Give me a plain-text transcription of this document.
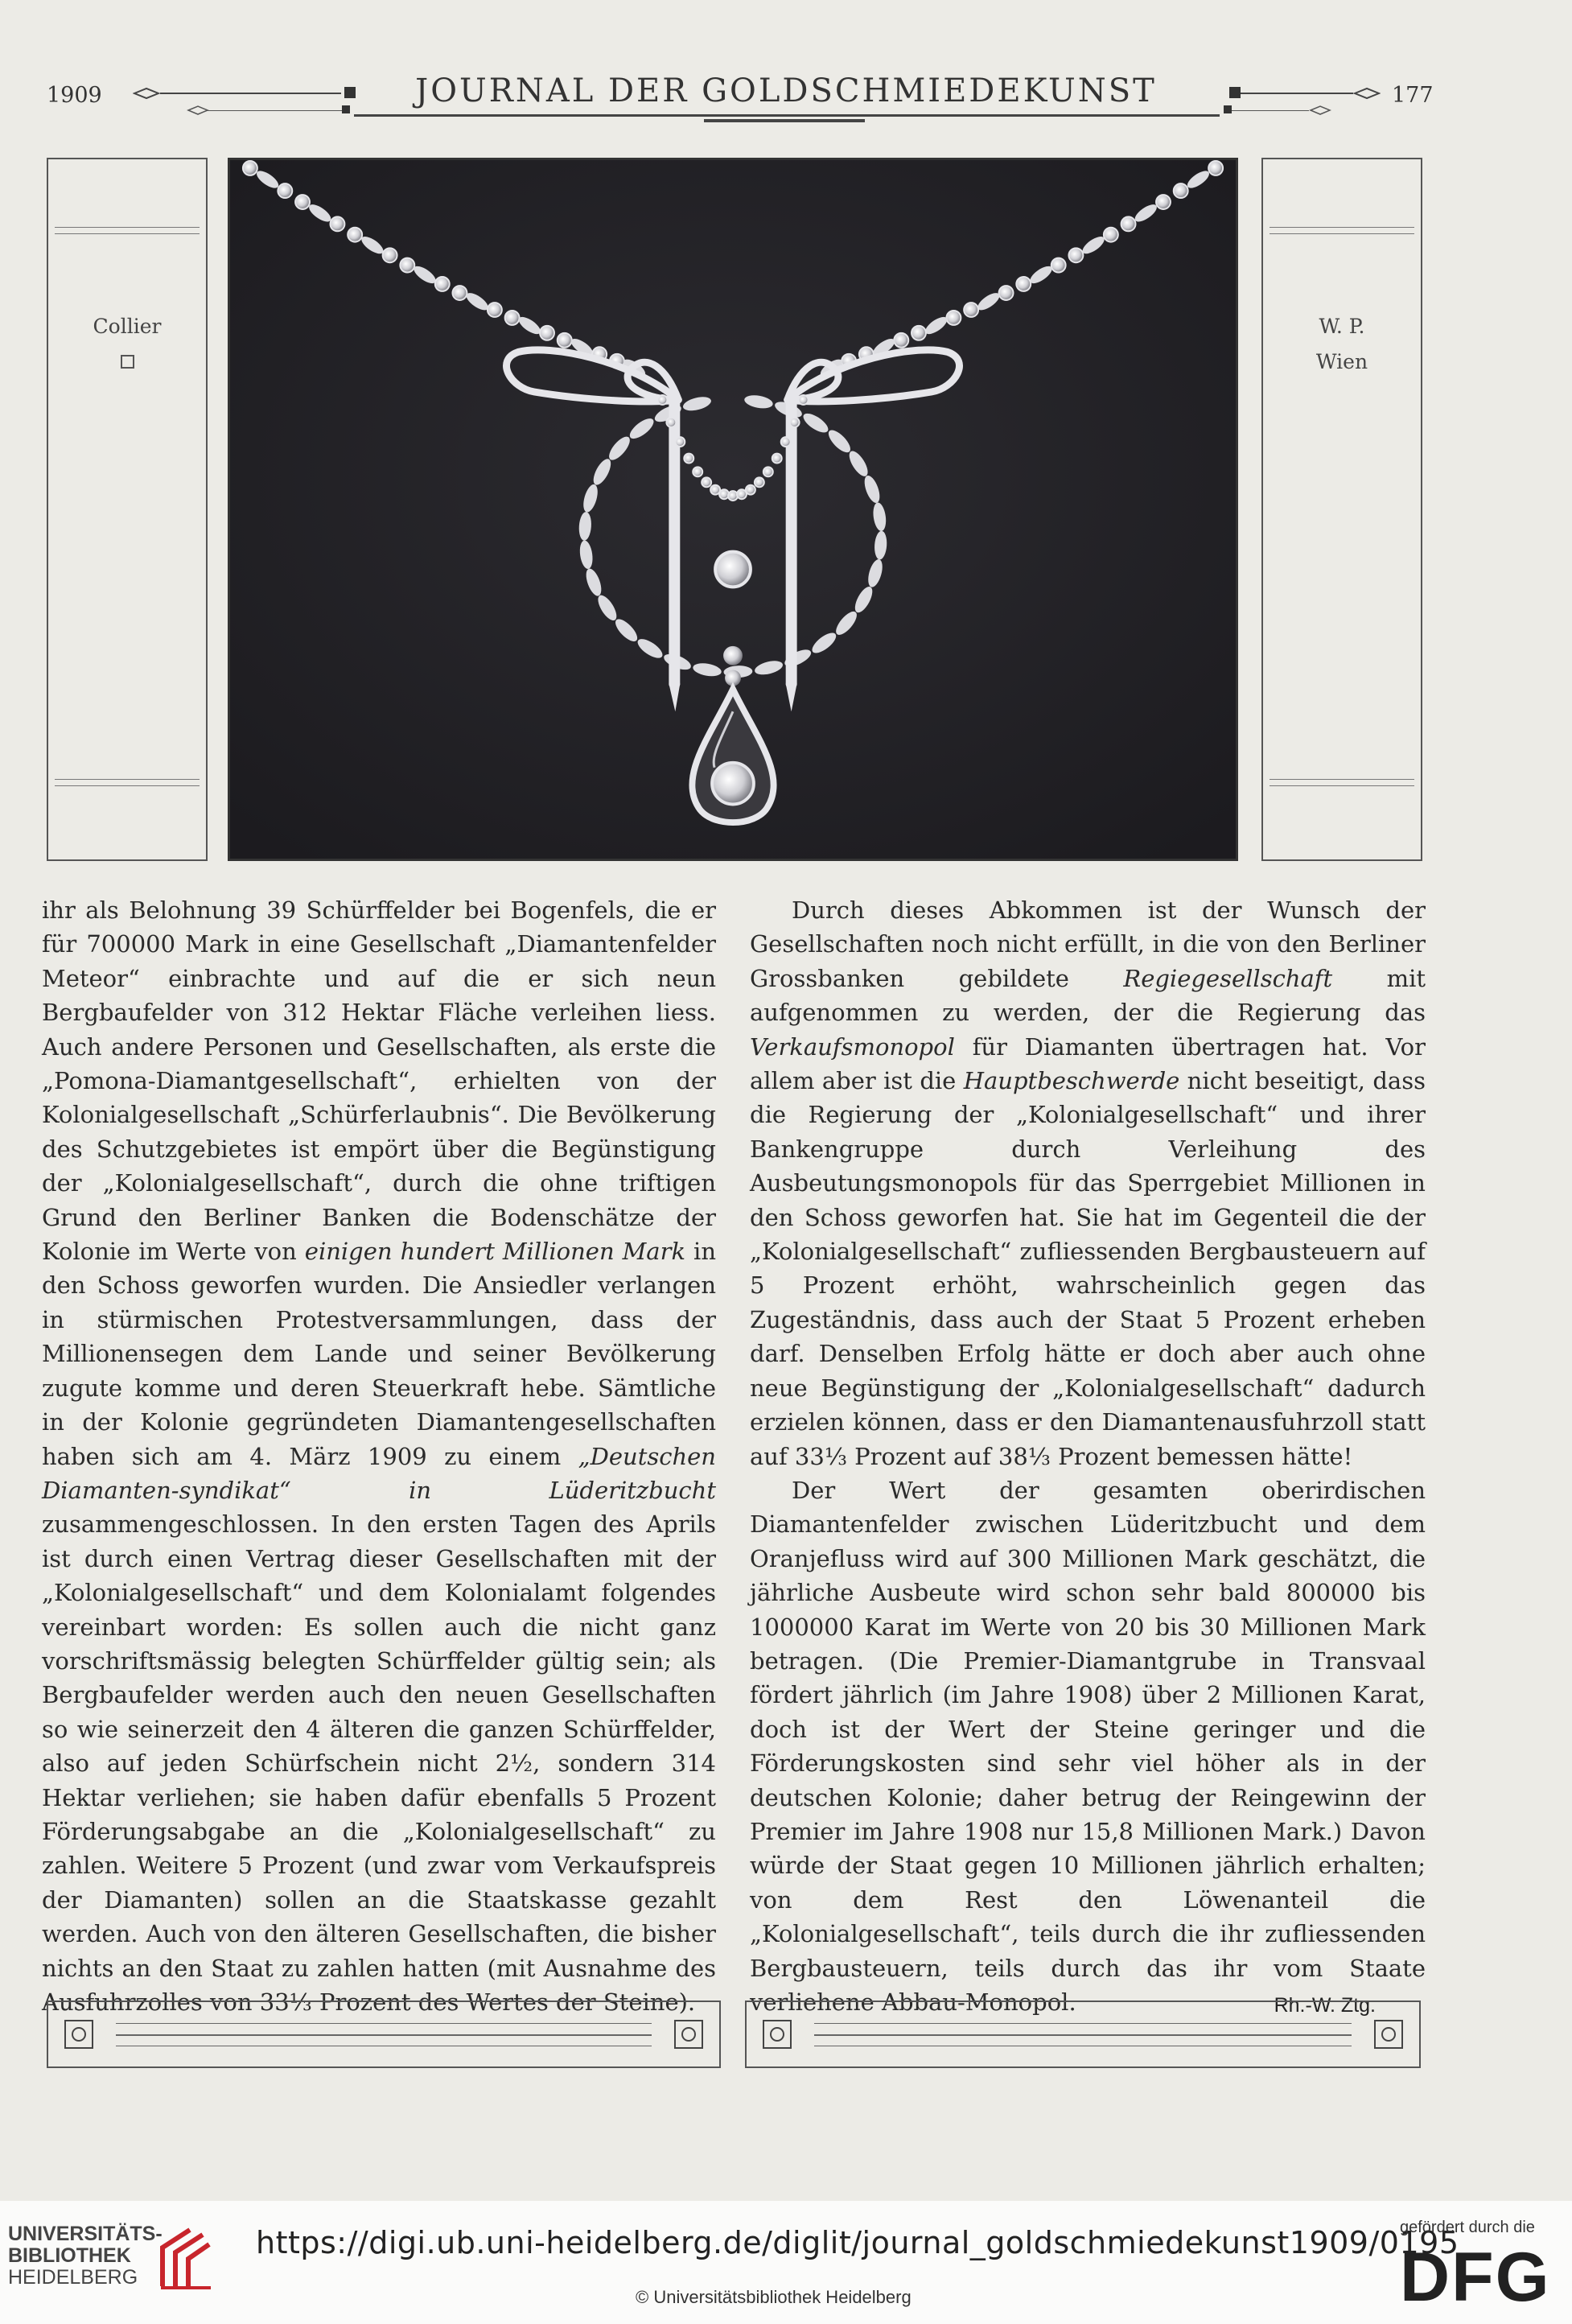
1909	JOURNAL DER GOLDSCHMIEDEKUNST	177
Collier	W. P.
Wien

ihr als Belohnung 39 Schürffelder bei Bogenfels, die er für 700000 Mark in eine Gesellschaft „Diamantenfelder Meteor“ einbrachte und auf die er sich neun Bergbaufelder von 312 Hektar Fläche verleihen liess. Auch andere Personen und Gesellschaften, als erste die „Pomona-Diamantgesellschaft“, erhielten von der Kolonialgesellschaft „Schürferlaubnis“. Die Bevölkerung des Schutzgebietes ist empört über die Begünstigung der „Kolonialgesellschaft“, durch die ohne triftigen Grund den Berliner Banken die Bodenschätze der Kolonie im Werte von einigen hundert Millionen Mark in den Schoss geworfen wurden. Die Ansiedler verlangen in stürmischen Protestversammlungen, dass der Millionensegen dem Lande und seiner Bevölkerung zugute komme und deren Steuerkraft hebe. Sämtliche in der Kolonie gegründeten Diamantengesellschaften haben sich am 4. März 1909 zu einem „Deutschen Diamanten-syndikat“ in Lüderitzbucht zusammengeschlossen. In den ersten Tagen des Aprils ist durch einen Vertrag dieser Gesellschaften mit der „Kolonialgesellschaft“ und dem Kolonialamt folgendes vereinbart worden: Es sollen auch die nicht ganz vorschriftsmässig belegten Schürffelder gültig sein; als Bergbaufelder werden auch den neuen Gesellschaften so wie seinerzeit den 4 älteren die ganzen Schürffelder, also auf jeden Schürfschein nicht 2½, sondern 314 Hektar verliehen; sie haben dafür ebenfalls 5 Prozent Förderungsabgabe an die „Kolonialgesellschaft“ zu zahlen. Weitere 5 Prozent (und zwar vom Verkaufspreis der Diamanten) sollen an die Staatskasse gezahlt werden. Auch von den älteren Gesellschaften, die bisher nichts an den Staat zu zahlen hatten (mit Ausnahme des Ausfuhrzolles von 33⅓ Prozent des Wertes der Steine).

Durch dieses Abkommen ist der Wunsch der Gesellschaften noch nicht erfüllt, in die von den Berliner Grossbanken gebildete Regiegesellschaft mit aufgenommen zu werden, der die Regierung das Verkaufsmonopol für Diamanten übertragen hat. Vor allem aber ist die Hauptbeschwerde nicht beseitigt, dass die Regierung der „Kolonialgesellschaft“ und ihrer Bankengruppe durch Verleihung des Ausbeutungsmonopols für das Sperrgebiet Millionen in den Schoss geworfen hat. Sie hat im Gegenteil die der „Kolonialgesellschaft“ zufliessenden Bergbausteuern auf 5 Prozent erhöht, wahrscheinlich gegen das Zugeständnis, dass auch der Staat 5 Prozent erheben darf. Denselben Erfolg hätte er doch aber auch ohne neue Begünstigung der „Kolonialgesellschaft“ dadurch erzielen können, dass er den Diamantenausfuhrzoll statt auf 33⅓ Prozent auf 38⅓ Prozent bemessen hätte!

Der Wert der gesamten oberirdischen Diamantenfelder zwischen Lüderitzbucht und dem Oranjefluss wird auf 300 Millionen Mark geschätzt, die jährliche Ausbeute wird schon sehr bald 800000 bis 1000000 Karat im Werte von 20 bis 30 Millionen Mark betragen. (Die Premier-Diamantgrube in Transvaal fördert jährlich (im Jahre 1908) über 2 Millionen Karat, doch ist der Wert der Steine geringer und die Förderungskosten sind sehr viel höher als in der deutschen Kolonie; daher betrug der Reingewinn der Premier im Jahre 1908 nur 15,8 Millionen Mark.) Davon würde der Staat gegen 10 Millionen jährlich erhalten; von dem Rest den Löwenanteil die „Kolonialgesellschaft“, teils durch die ihr zufliessenden Bergbausteuern, teils durch das ihr vom Staate verliehene Abbau-Monopol.	Rh.-W. Ztg.
UNIVERSITÄTS-
BIBLIOTHEK
HEIDELBERG
https://digi.ub.uni-heidelberg.de/diglit/journal_goldschmiedekunst1909/0195
© Universitätsbibliothek Heidelberg
gefördert durch die
DFG
